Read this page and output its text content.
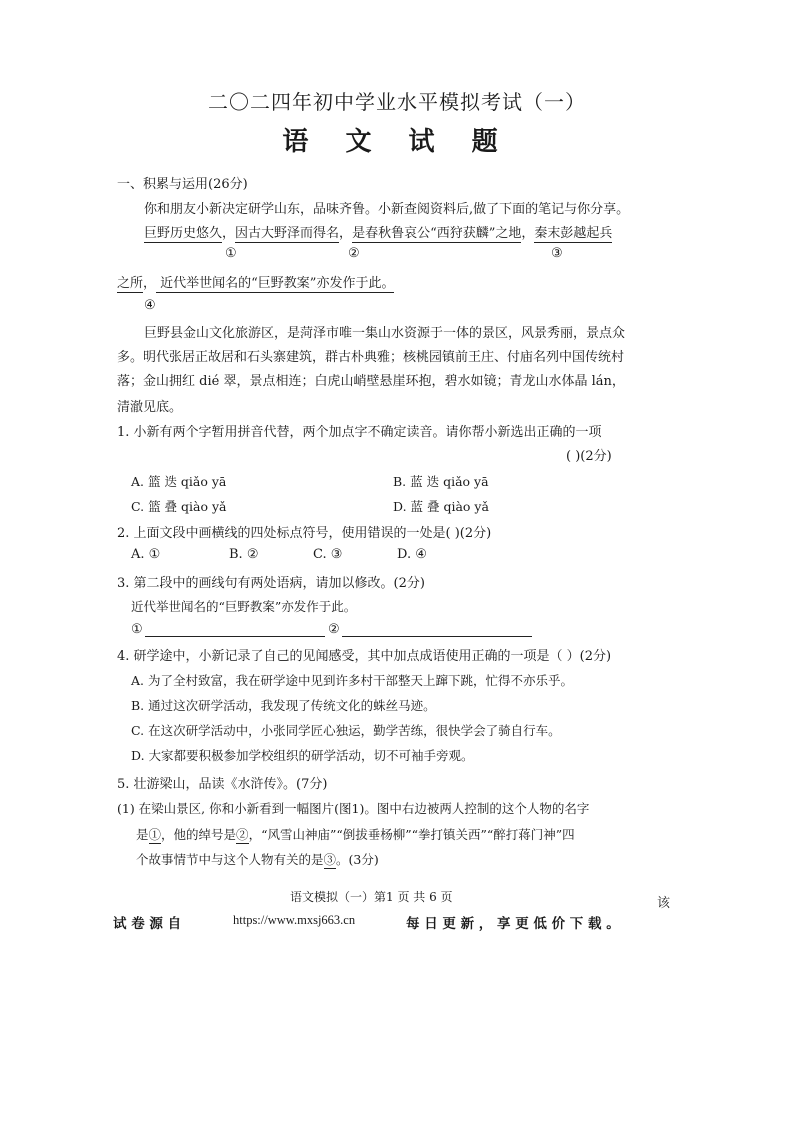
二〇二四年初中学业水平模拟考试（一）
语 文 试 题
一、积累与运用(26分)
你和朋友小新决定研学山东，品味齐鲁。小新查阅资料后,做了下面的笔记与你分享。
巨野历史悠久，因古大野泽而得名，是春秋鲁哀公“西狩获麟”之地，秦末彭越起兵
①	②	③
之所， 近代举世闻名的“巨野教案”亦发作于此。
④
巨野县金山文化旅游区，是菏泽市唯一集山水资源于一体的景区，风景秀丽，景点众
多。明代张居正故居和石头寨建筑，群古朴典雅；核桃园镇前王庄、付庙名列中国传统村
落；金山拥红 dié 翠，景点相连；白虎山峭壁悬崖环抱，碧水如镜；青龙山水体晶 lán，
清澈见底。
1. 小新有两个字暂用拼音代替，两个加点字不确定读音。请你帮小新选出正确的一项
( )(2分)
A. 篮 迭 qiǎo yā	B. 蓝 迭 qiǎo yā
C. 篮 叠 qiào yǎ	D. 蓝 叠 qiào yǎ
2. 上面文段中画横线的四处标点符号，使用错误的一处是( )(2分)
A. ①	B. ②	C. ③	D. ④
3. 第二段中的画线句有两处语病，请加以修改。(2分)
近代举世闻名的“巨野教案”亦发作于此。
①	②
4. 研学途中，小新记录了自己的见闻感受，其中加点成语使用正确的一项是（ ）(2分)
A. 为了全村致富，我在研学途中见到许多村干部整天上蹿下跳，忙得不亦乐乎。
B. 通过这次研学活动，我发现了传统文化的蛛丝马迹。
C. 在这次研学活动中，小张同学匠心独运，勤学苦练，很快学会了骑自行车。
D. 大家都要积极参加学校组织的研学活动，切不可袖手旁观。
5. 壮游梁山，品读《水浒传》。(7分)
(1) 在梁山景区, 你和小新看到一幅图片(图1)。图中右边被两人控制的这个人物的名字
是①，他的绰号是②，“风雪山神庙”“倒拔垂杨柳”“拳打镇关西”“醉打蒋门神”四
个故事情节中与这个人物有关的是③。(3分)
语文模拟（一）第1 页 共 6 页	该
试 卷 源 自	https://www.mxsj663.cn	每 日 更 新 ， 享 更 低 价 下 载 。
